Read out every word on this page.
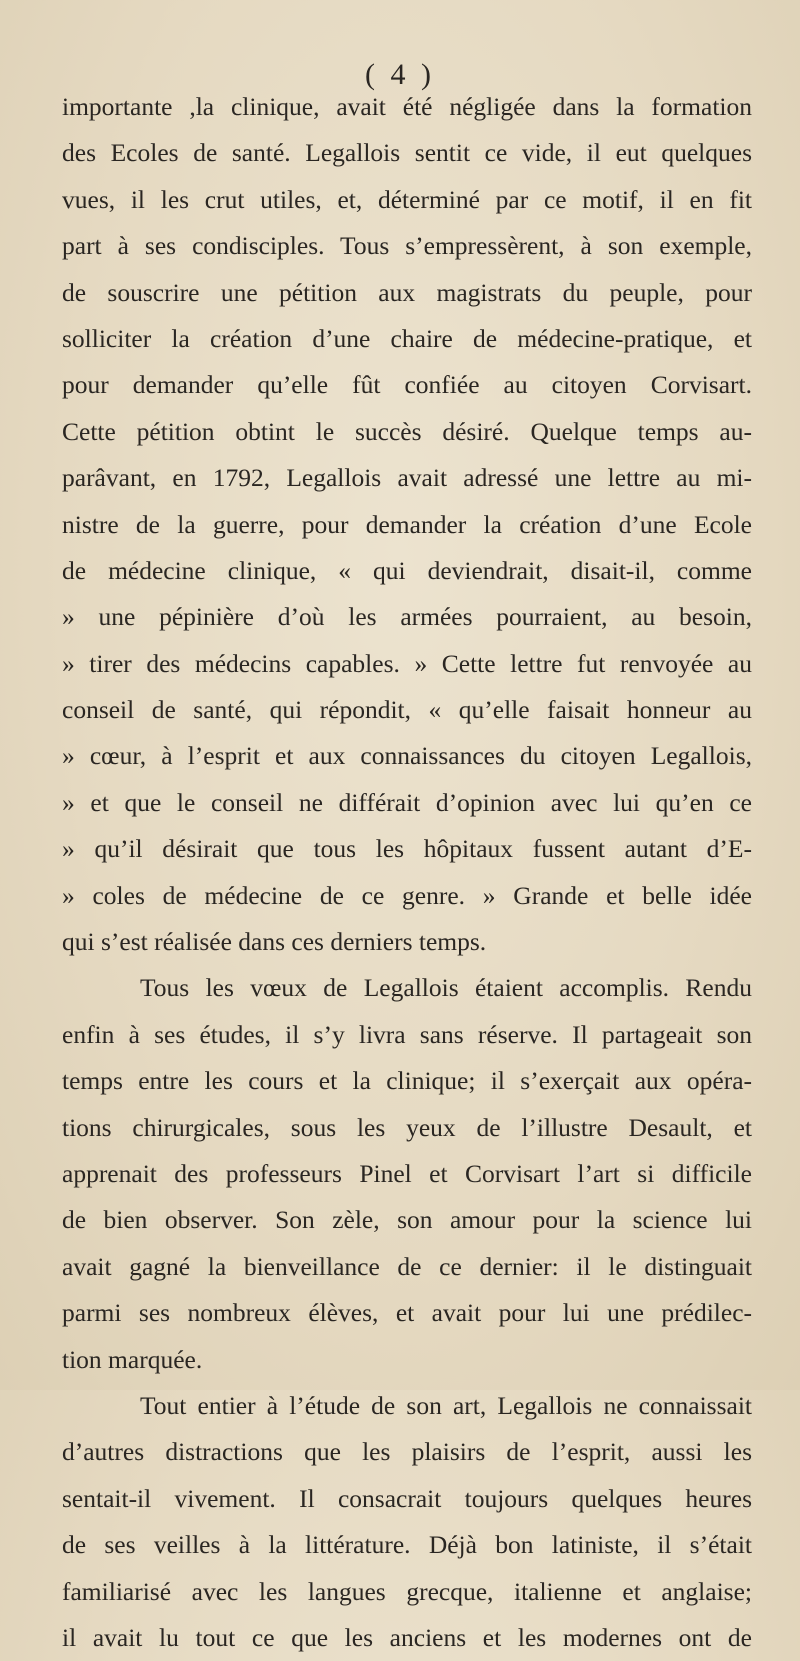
( 4 )
importante ,la clinique, avait été négligée dans la formation
des Ecoles de santé. Legallois sentit ce vide, il eut quelques
vues, il les crut utiles, et, déterminé par ce motif, il en fit
part à ses condisciples. Tous s’empressèrent, à son exemple,
de souscrire une pétition aux magistrats du peuple, pour
solliciter la création d’une chaire de médecine-pratique, et
pour demander qu’elle fût confiée au citoyen Corvisart.
Cette pétition obtint le succès désiré. Quelque temps au-
parâvant, en 1792, Legallois avait adressé une lettre au mi-
nistre de la guerre, pour demander la création d’une Ecole
de médecine clinique, « qui deviendrait, disait-il, comme
» une pépinière d’où les armées pourraient, au besoin,
» tirer des médecins capables. » Cette lettre fut renvoyée au
conseil de santé, qui répondit, « qu’elle faisait honneur au
» cœur, à l’esprit et aux connaissances du citoyen Legallois,
» et que le conseil ne différait d’opinion avec lui qu’en ce
» qu’il désirait que tous les hôpitaux fussent autant d’E-
» coles de médecine de ce genre. » Grande et belle idée
qui s’est réalisée dans ces derniers temps.
Tous les vœux de Legallois étaient accomplis. Rendu
enfin à ses études, il s’y livra sans réserve. Il partageait son
temps entre les cours et la clinique; il s’exerçait aux opéra-
tions chirurgicales, sous les yeux de l’illustre Desault, et
apprenait des professeurs Pinel et Corvisart l’art si difficile
de bien observer. Son zèle, son amour pour la science lui
avait gagné la bienveillance de ce dernier: il le distinguait
parmi ses nombreux élèves, et avait pour lui une prédilec-
tion marquée.
Tout entier à l’étude de son art, Legallois ne connaissait
d’autres distractions que les plaisirs de l’esprit, aussi les
sentait-il vivement. Il consacrait toujours quelques heures
de ses veilles à la littérature. Déjà bon latiniste, il s’était
familiarisé avec les langues grecque, italienne et anglaise;
il avait lu tout ce que les anciens et les modernes ont de
